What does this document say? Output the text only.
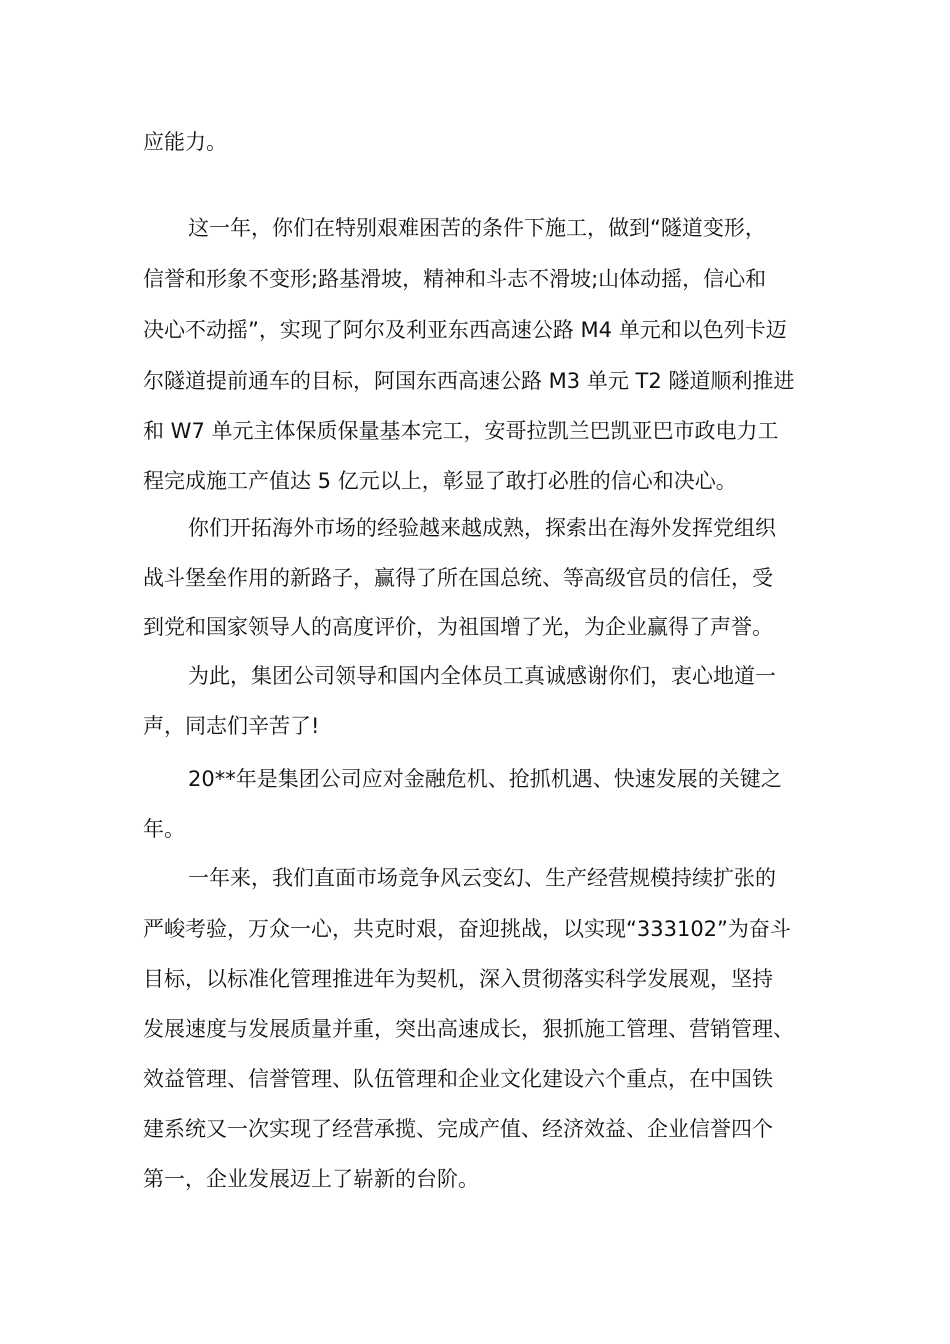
应能力。
这一年，你们在特别艰难困苦的条件下施工，做到“隧道变形，
信誉和形象不变形;路基滑坡，精神和斗志不滑坡;山体动摇，信心和
决心不动摇”，实现了阿尔及利亚东西高速公路 M4 单元和以色列卡迈
尔隧道提前通车的目标，阿国东西高速公路 M3 单元 T2 隧道顺利推进
和 W7 单元主体保质保量基本完工，安哥拉凯兰巴凯亚巴市政电力工
程完成施工产值达 5 亿元以上，彰显了敢打必胜的信心和决心。
你们开拓海外市场的经验越来越成熟，探索出在海外发挥党组织
战斗堡垒作用的新路子，赢得了所在国总统、等高级官员的信任，受
到党和国家领导人的高度评价，为祖国增了光，为企业赢得了声誉。
为此，集团公司领导和国内全体员工真诚感谢你们，衷心地道一
声，同志们辛苦了!
20**年是集团公司应对金融危机、抢抓机遇、快速发展的关键之
年。
一年来，我们直面市场竞争风云变幻、生产经营规模持续扩张的
严峻考验，万众一心，共克时艰，奋迎挑战，以实现“333102”为奋斗
目标，以标准化管理推进年为契机，深入贯彻落实科学发展观，坚持
发展速度与发展质量并重，突出高速成长，狠抓施工管理、营销管理、
效益管理、信誉管理、队伍管理和企业文化建设六个重点，在中国铁
建系统又一次实现了经营承揽、完成产值、经济效益、企业信誉四个
第一，企业发展迈上了崭新的台阶。
